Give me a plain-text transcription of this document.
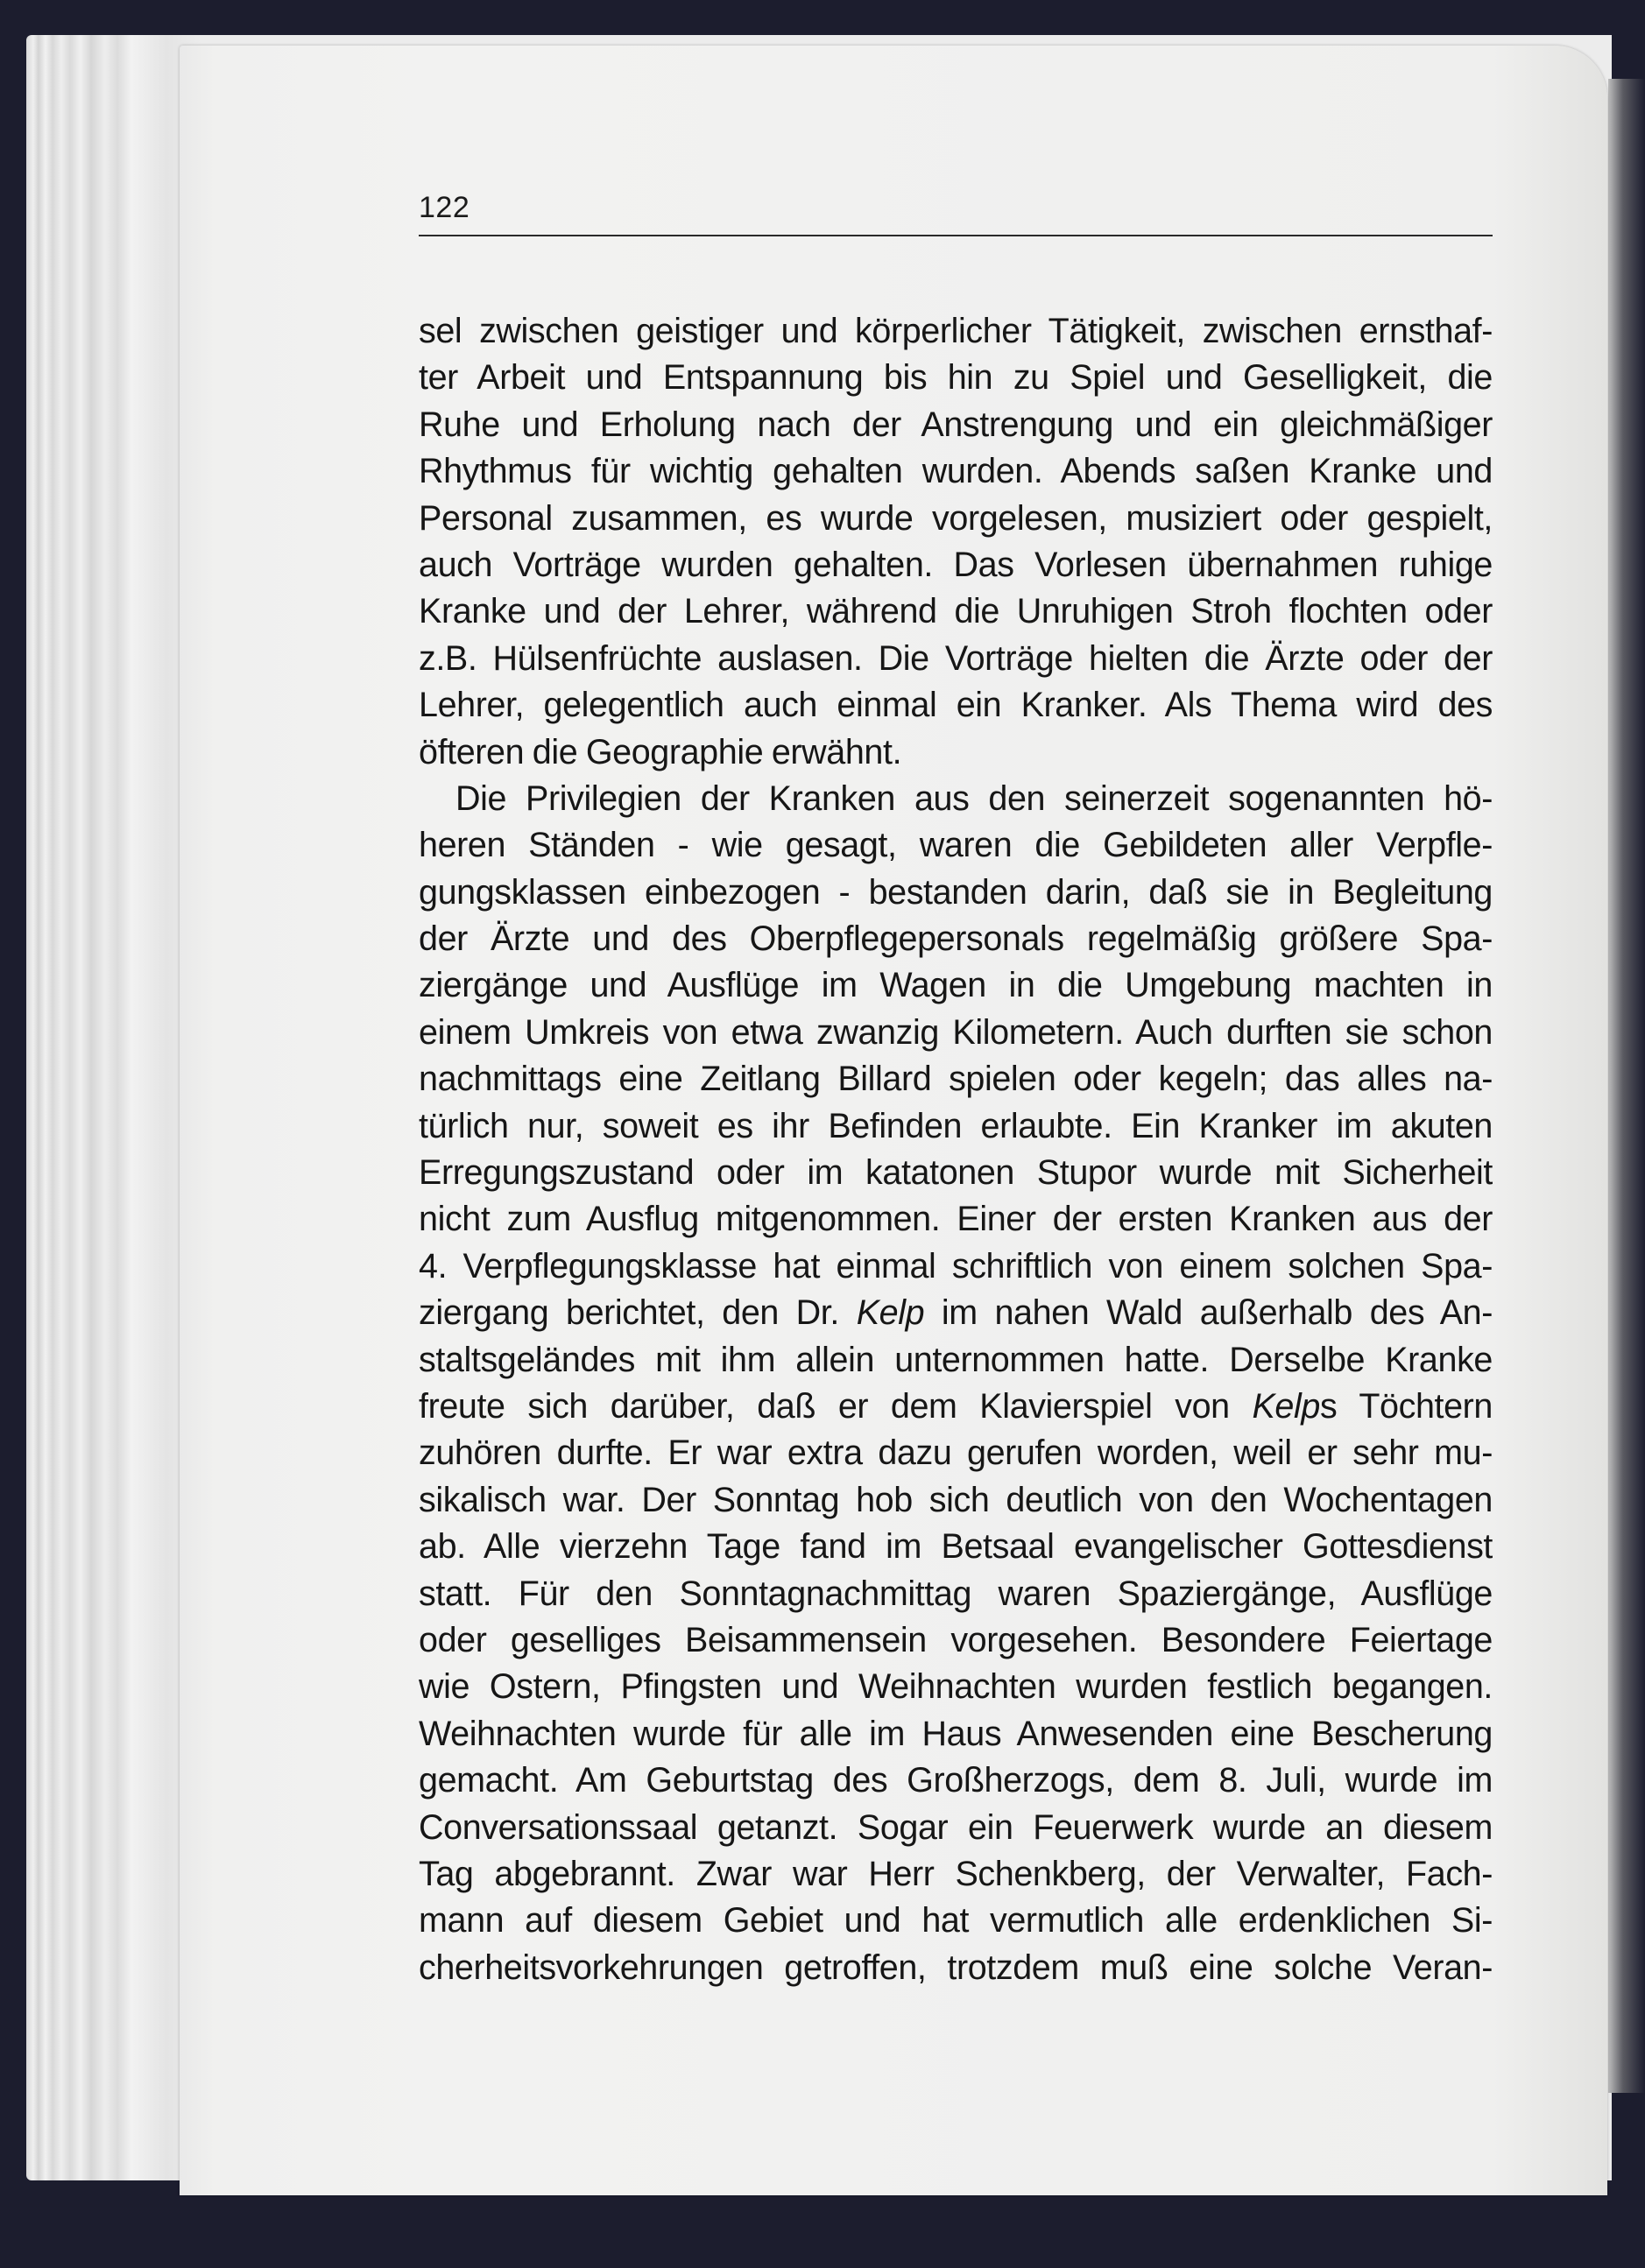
122
sel zwischen geistiger und körperlicher Tätigkeit, zwischen ernsthaf-
ter Arbeit und Entspannung bis hin zu Spiel und Geselligkeit, die
Ruhe und Erholung nach der Anstrengung und ein gleichmäßiger
Rhythmus für wichtig gehalten wurden. Abends saßen Kranke und
Personal zusammen, es wurde vorgelesen, musiziert oder gespielt,
auch Vorträge wurden gehalten. Das Vorlesen übernahmen ruhige
Kranke und der Lehrer, während die Unruhigen Stroh flochten oder
z.B. Hülsenfrüchte auslasen. Die Vorträge hielten die Ärzte oder der
Lehrer, gelegentlich auch einmal ein Kranker. Als Thema wird des
öfteren die Geographie erwähnt.
Die Privilegien der Kranken aus den seinerzeit sogenannten hö-
heren Ständen - wie gesagt, waren die Gebildeten aller Verpfle-
gungsklassen einbezogen - bestanden darin, daß sie in Begleitung
der Ärzte und des Oberpflegepersonals regelmäßig größere Spa-
ziergänge und Ausflüge im Wagen in die Umgebung machten in
einem Umkreis von etwa zwanzig Kilometern. Auch durften sie schon
nachmittags eine Zeitlang Billard spielen oder kegeln; das alles na-
türlich nur, soweit es ihr Befinden erlaubte. Ein Kranker im akuten
Erregungszustand oder im katatonen Stupor wurde mit Sicherheit
nicht zum Ausflug mitgenommen. Einer der ersten Kranken aus der
4. Verpflegungsklasse hat einmal schriftlich von einem solchen Spa-
ziergang berichtet, den Dr. Kelp im nahen Wald außerhalb des An-
staltsgeländes mit ihm allein unternommen hatte. Derselbe Kranke
freute sich darüber, daß er dem Klavierspiel von Kelps Töchtern
zuhören durfte. Er war extra dazu gerufen worden, weil er sehr mu-
sikalisch war. Der Sonntag hob sich deutlich von den Wochentagen
ab. Alle vierzehn Tage fand im Betsaal evangelischer Gottesdienst
statt. Für den Sonntagnachmittag waren Spaziergänge, Ausflüge
oder geselliges Beisammensein vorgesehen. Besondere Feiertage
wie Ostern, Pfingsten und Weihnachten wurden festlich begangen.
Weihnachten wurde für alle im Haus Anwesenden eine Bescherung
gemacht. Am Geburtstag des Großherzogs, dem 8. Juli, wurde im
Conversationssaal getanzt. Sogar ein Feuerwerk wurde an diesem
Tag abgebrannt. Zwar war Herr Schenkberg, der Verwalter, Fach-
mann auf diesem Gebiet und hat vermutlich alle erdenklichen Si-
cherheitsvorkehrungen getroffen, trotzdem muß eine solche Veran-
